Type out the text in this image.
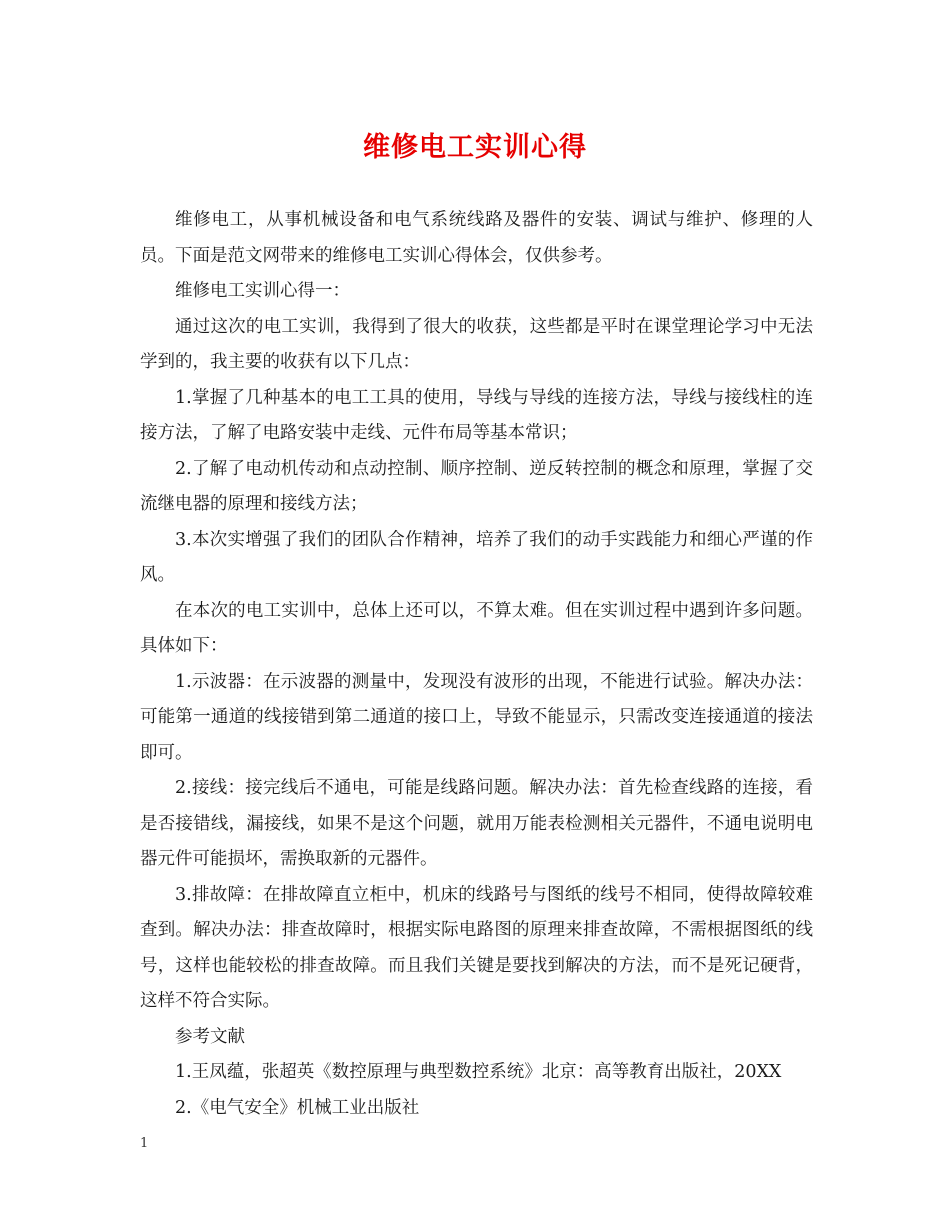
维修电工实训心得

维修电工，从事机械设备和电气系统线路及器件的安装、调试与维护、修理的人员。下面是范文网带来的维修电工实训心得体会，仅供参考。

维修电工实训心得一：

通过这次的电工实训，我得到了很大的收获，这些都是平时在课堂理论学习中无法学到的，我主要的收获有以下几点：

1.掌握了几种基本的电工工具的使用，导线与导线的连接方法，导线与接线柱的连接方法，了解了电路安装中走线、元件布局等基本常识；

2.了解了电动机传动和点动控制、顺序控制、逆反转控制的概念和原理，掌握了交流继电器的原理和接线方法；

3.本次实增强了我们的团队合作精神，培养了我们的动手实践能力和细心严谨的作风。

在本次的电工实训中，总体上还可以，不算太难。但在实训过程中遇到许多问题。具体如下：

1.示波器：在示波器的测量中，发现没有波形的出现，不能进行试验。解决办法：可能第一通道的线接错到第二通道的接口上，导致不能显示，只需改变连接通道的接法即可。

2.接线：接完线后不通电，可能是线路问题。解决办法：首先检查线路的连接，看是否接错线，漏接线，如果不是这个问题，就用万能表检测相关元器件，不通电说明电器元件可能损坏，需换取新的元器件。

3.排故障：在排故障直立柜中，机床的线路号与图纸的线号不相同，使得故障较难查到。解决办法：排查故障时，根据实际电路图的原理来排查故障，不需根据图纸的线号，这样也能较松的排查故障。而且我们关键是要找到解决的方法，而不是死记硬背，这样不符合实际。

参考文献

1.王凤蕴，张超英《数控原理与典型数控系统》北京：高等教育出版社，20XX

2.《电气安全》机械工业出版社

1
